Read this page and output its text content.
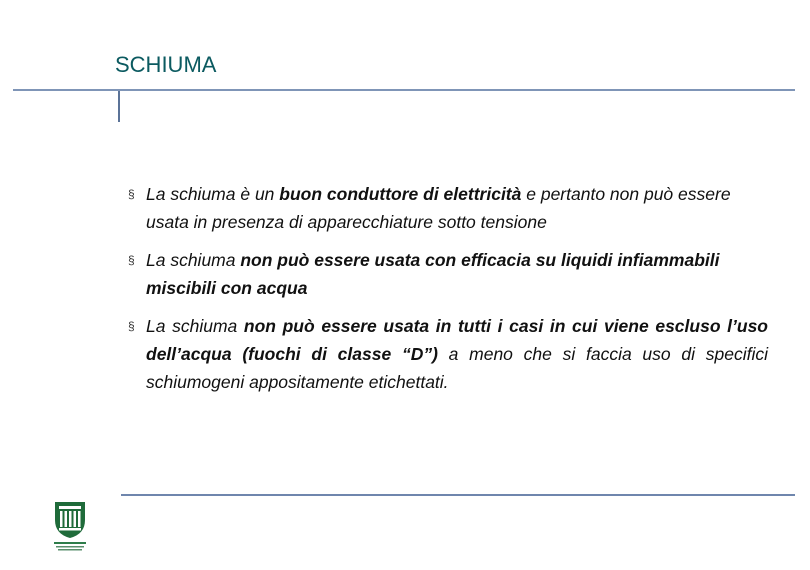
SCHIUMA
§ La schiuma è un buon conduttore di elettricità e pertanto non può essere usata in presenza di apparecchiature sotto tensione
§ La schiuma non può essere usata con efficacia su liquidi infiammabili miscibili con acqua
§ La schiuma non può essere usata in tutti i casi in cui viene escluso l’uso dell’acqua (fuochi di classe “D”) a meno che si faccia uso di specifici schiumogeni appositamente etichettati.
